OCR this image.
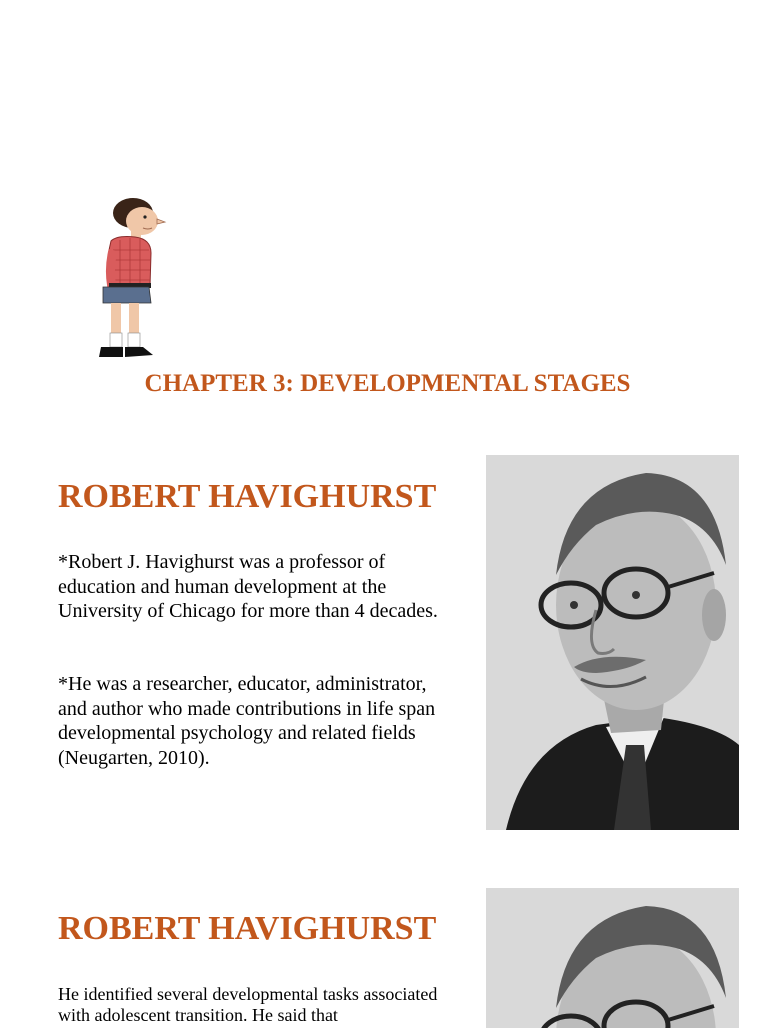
CHAPTER 3: DEVELOPMENTAL STAGES
ROBERT HAVIGHURST
*Robert J. Havighurst was a professor of education and human development at the University of Chicago for more than 4 decades.
*He was a researcher, educator, administrator, and author who made contributions in life span developmental psychology and related fields (Neugarten, 2010).
ROBERT HAVIGHURST
He identified several developmental tasks associated with adolescent transition. He said that
